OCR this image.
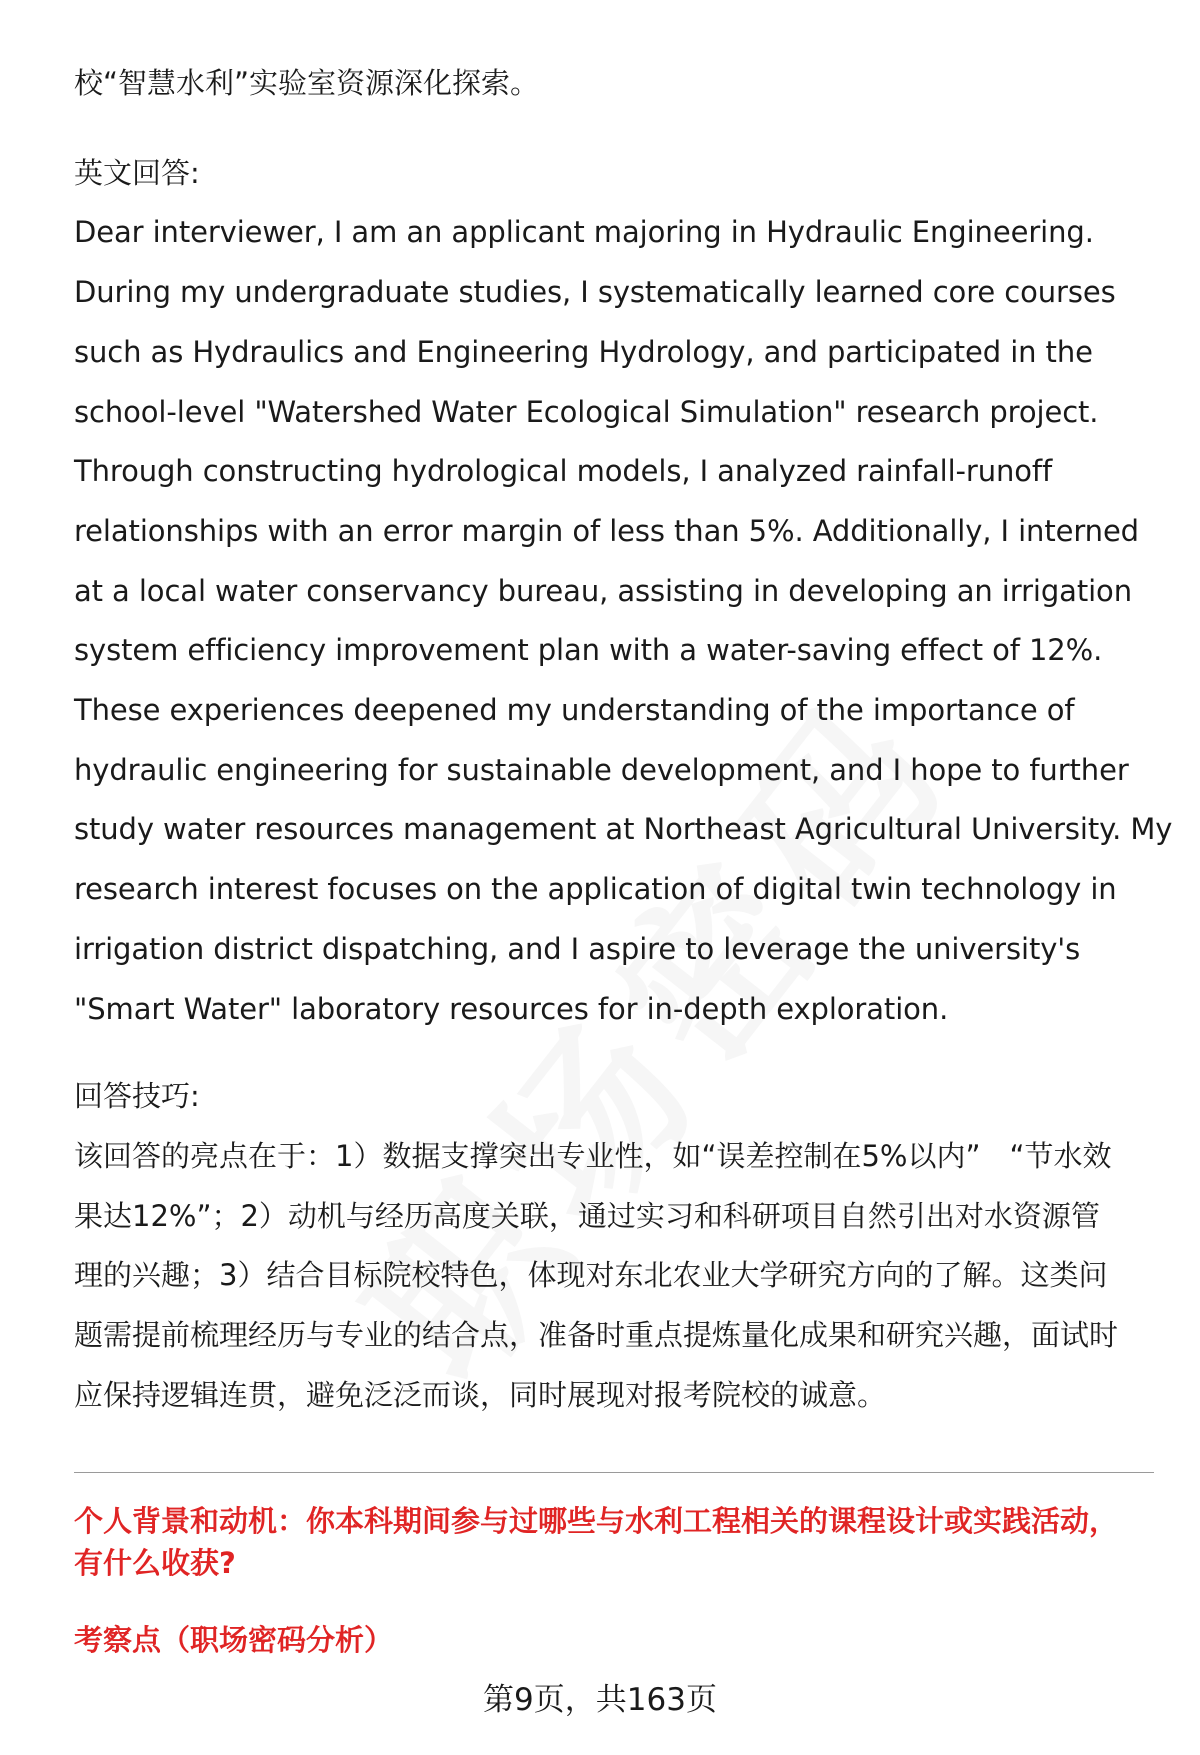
校“智慧水利”实验室资源深化探索。

英文回答:

Dear interviewer, I am an applicant majoring in Hydraulic Engineering.
During my undergraduate studies, I systematically learned core courses
such as Hydraulics and Engineering Hydrology, and participated in the
school-level "Watershed Water Ecological Simulation" research project.
Through constructing hydrological models, I analyzed rainfall-runoff
relationships with an error margin of less than 5%. Additionally, I interned
at a local water conservancy bureau, assisting in developing an irrigation
system efficiency improvement plan with a water-saving effect of 12%.
These experiences deepened my understanding of the importance of
hydraulic engineering for sustainable development, and I hope to further
study water resources management at Northeast Agricultural University. My
research interest focuses on the application of digital twin technology in
irrigation district dispatching, and I aspire to leverage the university's
"Smart Water" laboratory resources for in-depth exploration.

回答技巧:

该回答的亮点在于：1）数据支撑突出专业性，如“误差控制在5%以内”　“节水效
果达12%”；2）动机与经历高度关联，通过实习和科研项目自然引出对水资源管
理的兴趣；3）结合目标院校特色，体现对东北农业大学研究方向的了解。这类问
题需提前梳理经历与专业的结合点，准备时重点提炼量化成果和研究兴趣，面试时
应保持逻辑连贯，避免泛泛而谈，同时展现对报考院校的诚意。
个人背景和动机：你本科期间参与过哪些与水利工程相关的课程设计或实践活动，
有什么收获?

考察点（职场密码分析）

第9页，共163页
